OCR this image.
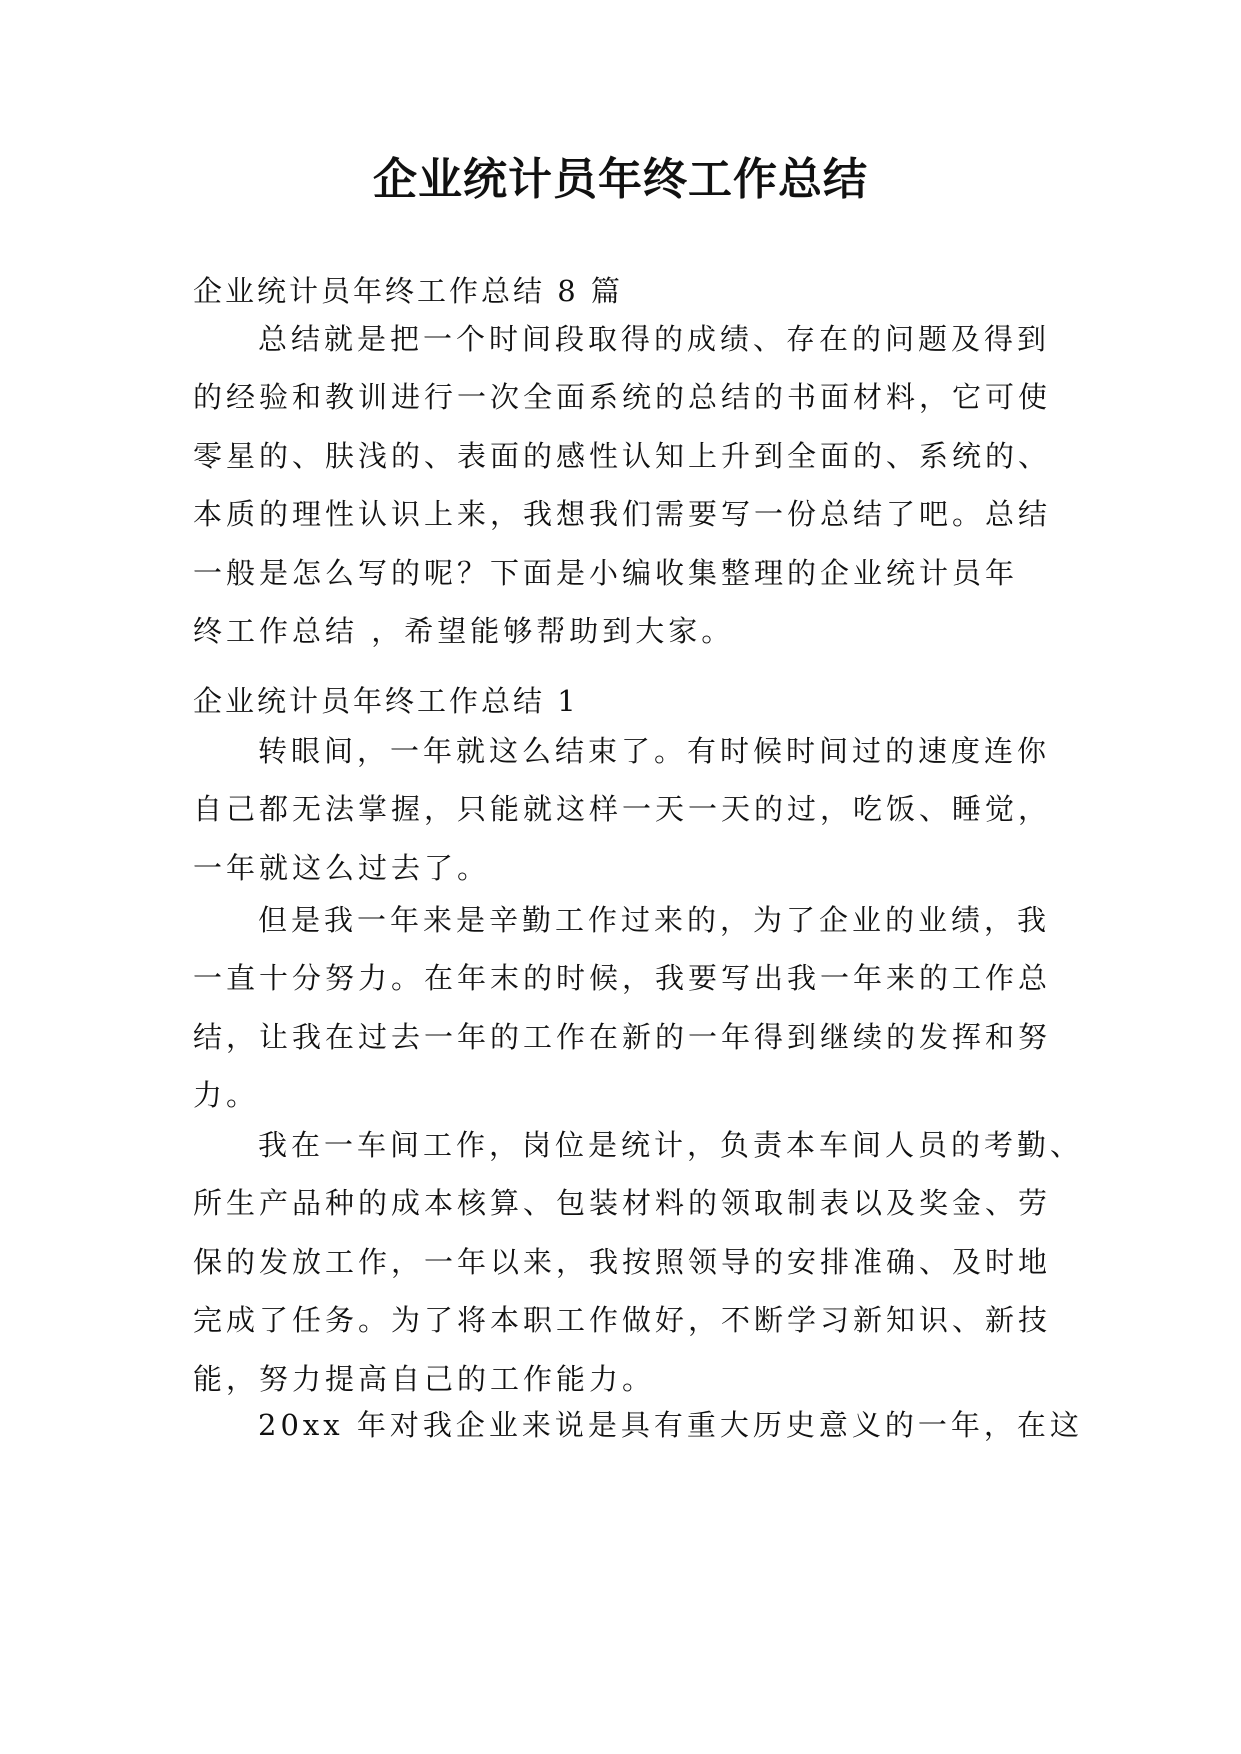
企业统计员年终工作总结

企业统计员年终工作总结 8 篇

总结就是把一个时间段取得的成绩、存在的问题及得到
的经验和教训进行一次全面系统的总结的书面材料，它可使
零星的、肤浅的、表面的感性认知上升到全面的、系统的、
本质的理性认识上来，我想我们需要写一份总结了吧。总结
一般是怎么写的呢？下面是小编收集整理的企业统计员年
终工作总结 ，希望能够帮助到大家。

企业统计员年终工作总结 1

转眼间，一年就这么结束了。有时候时间过的速度连你
自己都无法掌握，只能就这样一天一天的过，吃饭、睡觉，
一年就这么过去了。

但是我一年来是辛勤工作过来的，为了企业的业绩，我
一直十分努力。在年末的时候，我要写出我一年来的工作总
结，让我在过去一年的工作在新的一年得到继续的发挥和努
力。

我在一车间工作，岗位是统计，负责本车间人员的考勤、
所生产品种的成本核算、包装材料的领取制表以及奖金、劳
保的发放工作，一年以来，我按照领导的安排准确、及时地
完成了任务。为了将本职工作做好，不断学习新知识、新技
能，努力提高自己的工作能力。

20xx 年对我企业来说是具有重大历史意义的一年，在这
